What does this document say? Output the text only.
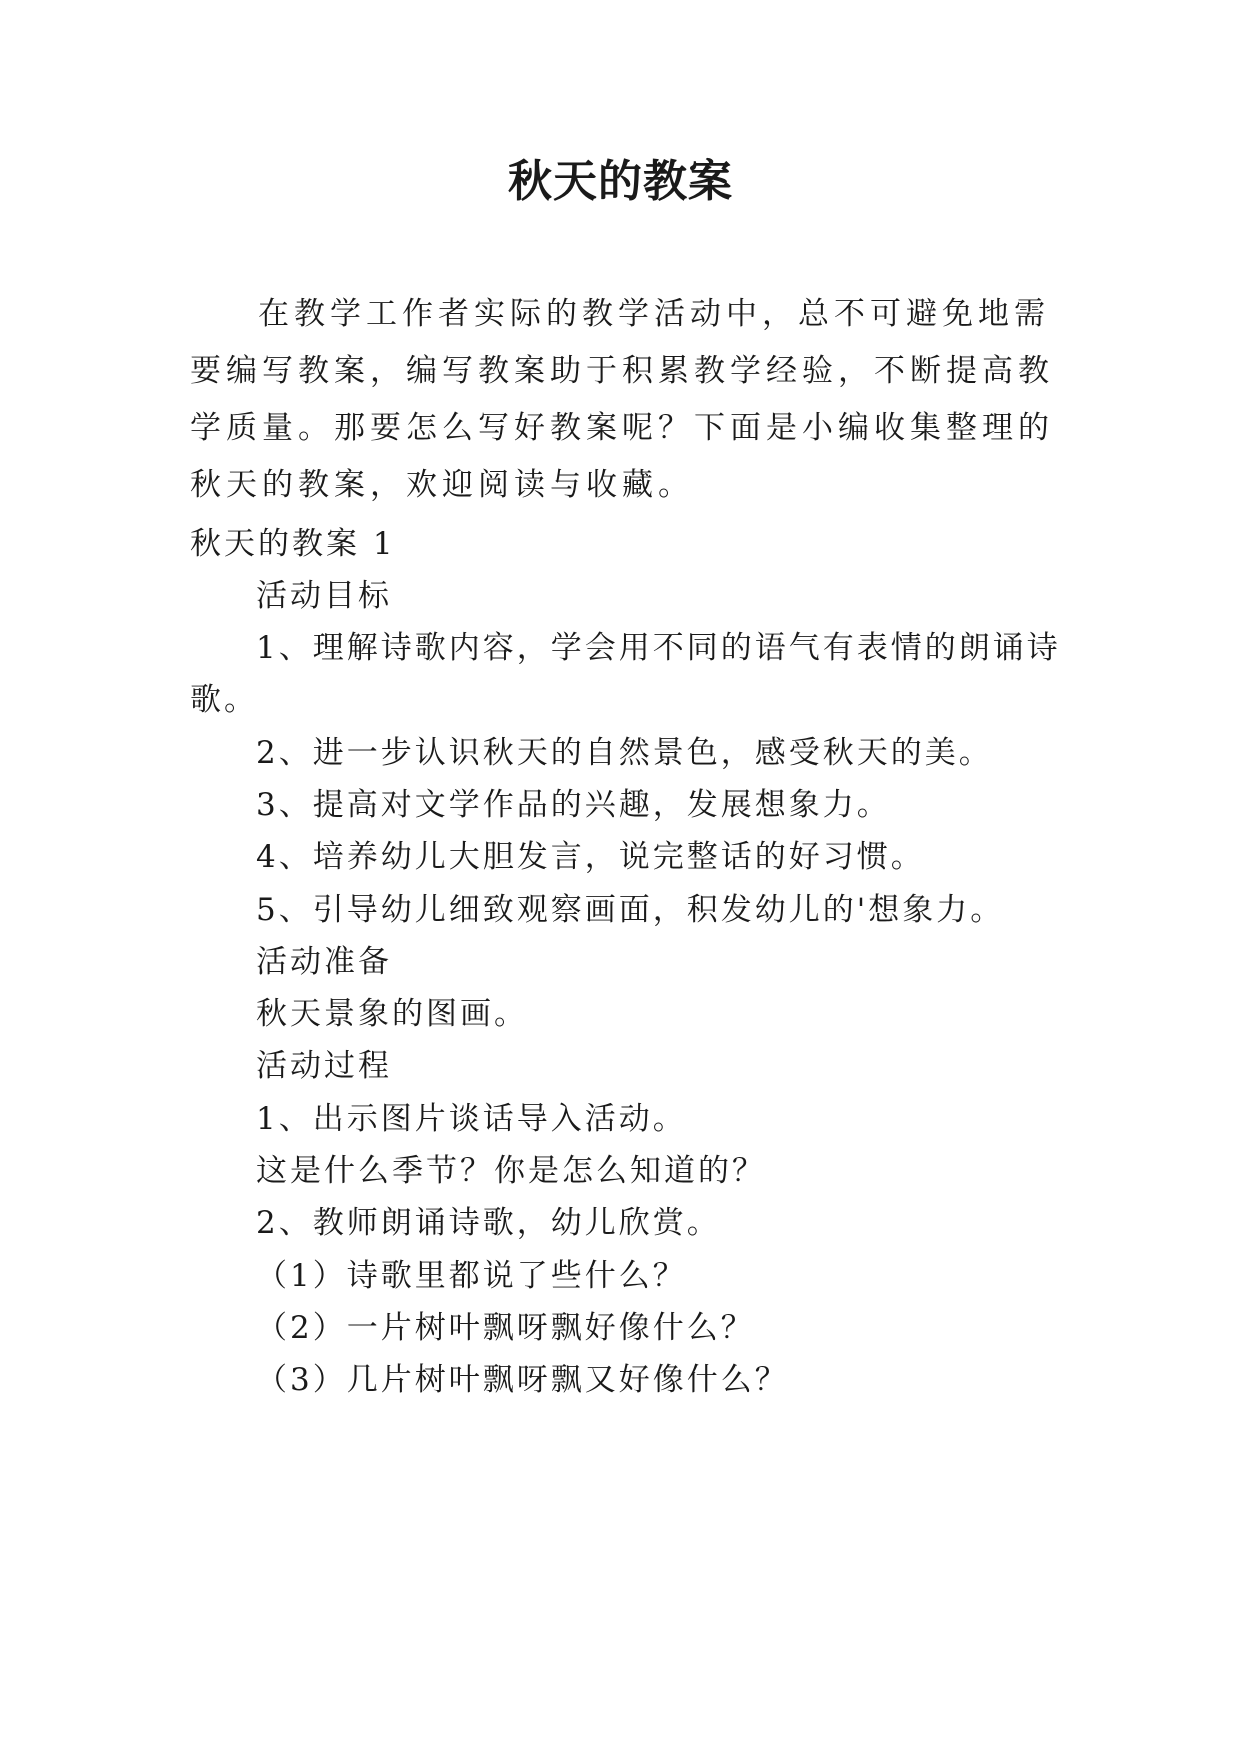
秋天的教案

在教学工作者实际的教学活动中，总不可避免地需要编写教案，编写教案助于积累教学经验，不断提高教学质量。那要怎么写好教案呢？下面是小编收集整理的秋天的教案，欢迎阅读与收藏。

秋天的教案 1

活动目标

1、理解诗歌内容，学会用不同的语气有表情的朗诵诗

歌。

2、进一步认识秋天的自然景色，感受秋天的美。

3、提高对文学作品的兴趣，发展想象力。

4、培养幼儿大胆发言，说完整话的好习惯。

5、引导幼儿细致观察画面，积发幼儿的'想象力。

活动准备

秋天景象的图画。

活动过程

1、出示图片谈话导入活动。

这是什么季节？你是怎么知道的？

2、教师朗诵诗歌，幼儿欣赏。

（1）诗歌里都说了些什么？

（2）一片树叶飘呀飘好像什么？

（3）几片树叶飘呀飘又好像什么？
